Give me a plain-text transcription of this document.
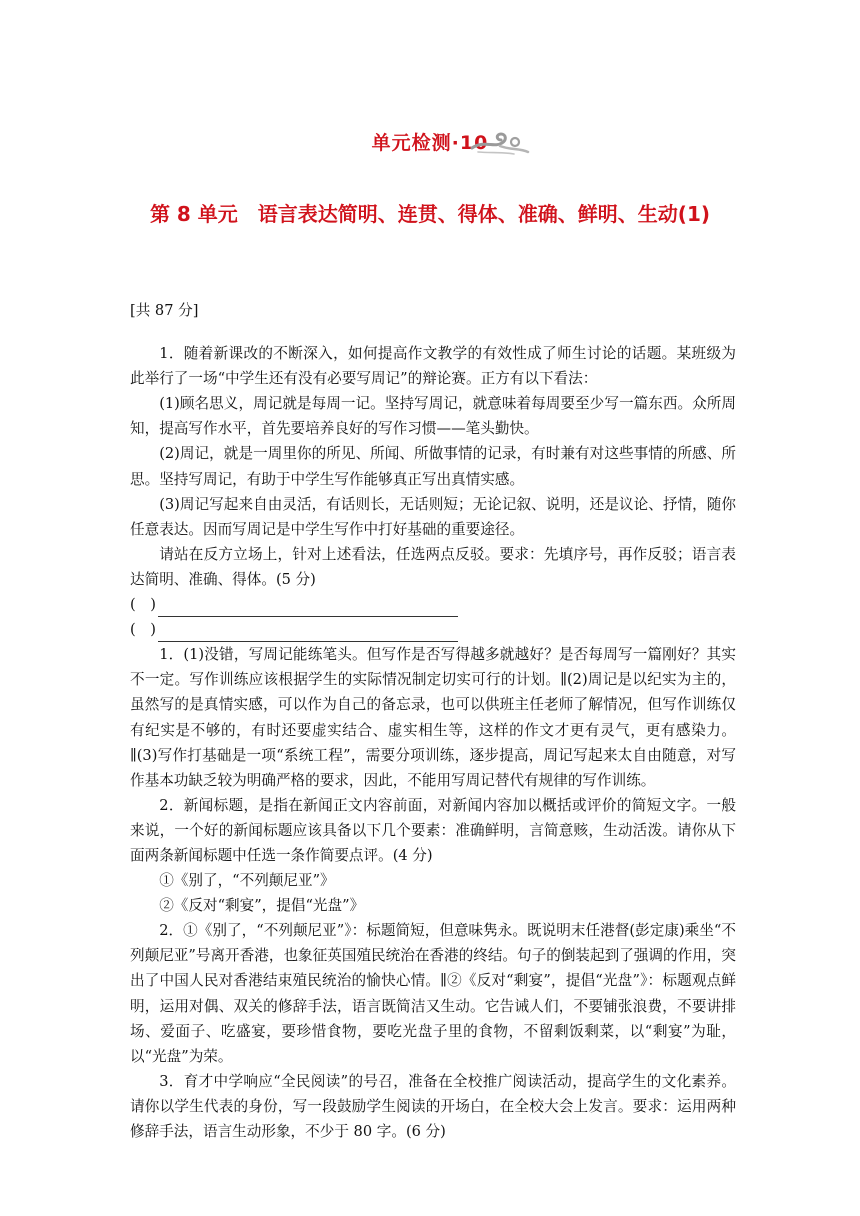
单元检测·10
第 8 单元　语言表达简明、连贯、得体、准确、鲜明、生动(1)

[共 87 分]

1．随着新课改的不断深入，如何提高作文教学的有效性成了师生讨论的话题。某班级为此举行了一场“中学生还有没有必要写周记”的辩论赛。正方有以下看法：

(1)顾名思义，周记就是每周一记。坚持写周记，就意味着每周要至少写一篇东西。众所周知，提高写作水平，首先要培养良好的写作习惯——笔头勤快。

(2)周记，就是一周里你的所见、所闻、所做事情的记录，有时兼有对这些事情的所感、所思。坚持写周记，有助于中学生写作能够真正写出真情实感。

(3)周记写起来自由灵活，有话则长，无话则短；无论记叙、说明，还是议论、抒情，随你任意表达。因而写周记是中学生写作中打好基础的重要途径。

请站在反方立场上，针对上述看法，任选两点反驳。要求：先填序号，再作反驳；语言表达简明、准确、得体。(5 分)

(　)

(　)

1．(1)没错，写周记能练笔头。但写作是否写得越多就越好？是否每周写一篇刚好？其实不一定。写作训练应该根据学生的实际情况制定切实可行的计划。∥(2)周记是以纪实为主的，虽然写的是真情实感，可以作为自己的备忘录，也可以供班主任老师了解情况，但写作训练仅有纪实是不够的，有时还要虚实结合、虚实相生等，这样的作文才更有灵气，更有感染力。∥(3)写作打基础是一项“系统工程”，需要分项训练，逐步提高，周记写起来太自由随意，对写作基本功缺乏较为明确严格的要求，因此，不能用写周记替代有规律的写作训练。

2．新闻标题，是指在新闻正文内容前面，对新闻内容加以概括或评价的简短文字。一般来说，一个好的新闻标题应该具备以下几个要素：准确鲜明，言简意赅，生动活泼。请你从下面两条新闻标题中任选一条作简要点评。(4 分)

①《别了，“不列颠尼亚”》

②《反对“剩宴”，提倡“光盘”》

2．①《别了，“不列颠尼亚”》：标题简短，但意味隽永。既说明末任港督(彭定康)乘坐“不列颠尼亚”号离开香港，也象征英国殖民统治在香港的终结。句子的倒装起到了强调的作用，突出了中国人民对香港结束殖民统治的愉快心情。∥②《反对“剩宴”，提倡“光盘”》：标题观点鲜明，运用对偶、双关的修辞手法，语言既简洁又生动。它告诫人们，不要铺张浪费，不要讲排场、爱面子、吃盛宴，要珍惜食物，要吃光盘子里的食物，不留剩饭剩菜，以“剩宴”为耻，以“光盘”为荣。

3．育才中学响应“全民阅读”的号召，准备在全校推广阅读活动，提高学生的文化素养。请你以学生代表的身份，写一段鼓励学生阅读的开场白，在全校大会上发言。要求：运用两种修辞手法，语言生动形象，不少于 80 字。(6 分)
